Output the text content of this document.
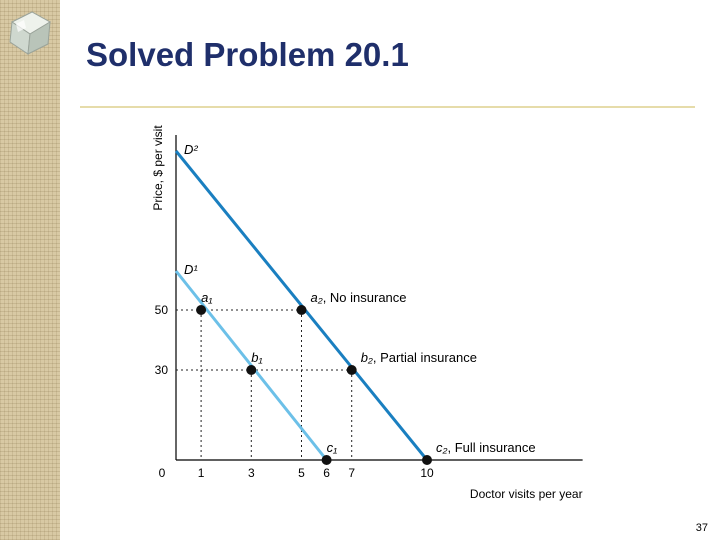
Solved Problem 20.1
0	1	3	5 6 7	10
30
50
Doctor visits per year
Price, $ per visit D²
D¹
a₁	a₂, No insurance
b₁	b₂, Partial insurance
c₁	c₂, Full insurance
37
